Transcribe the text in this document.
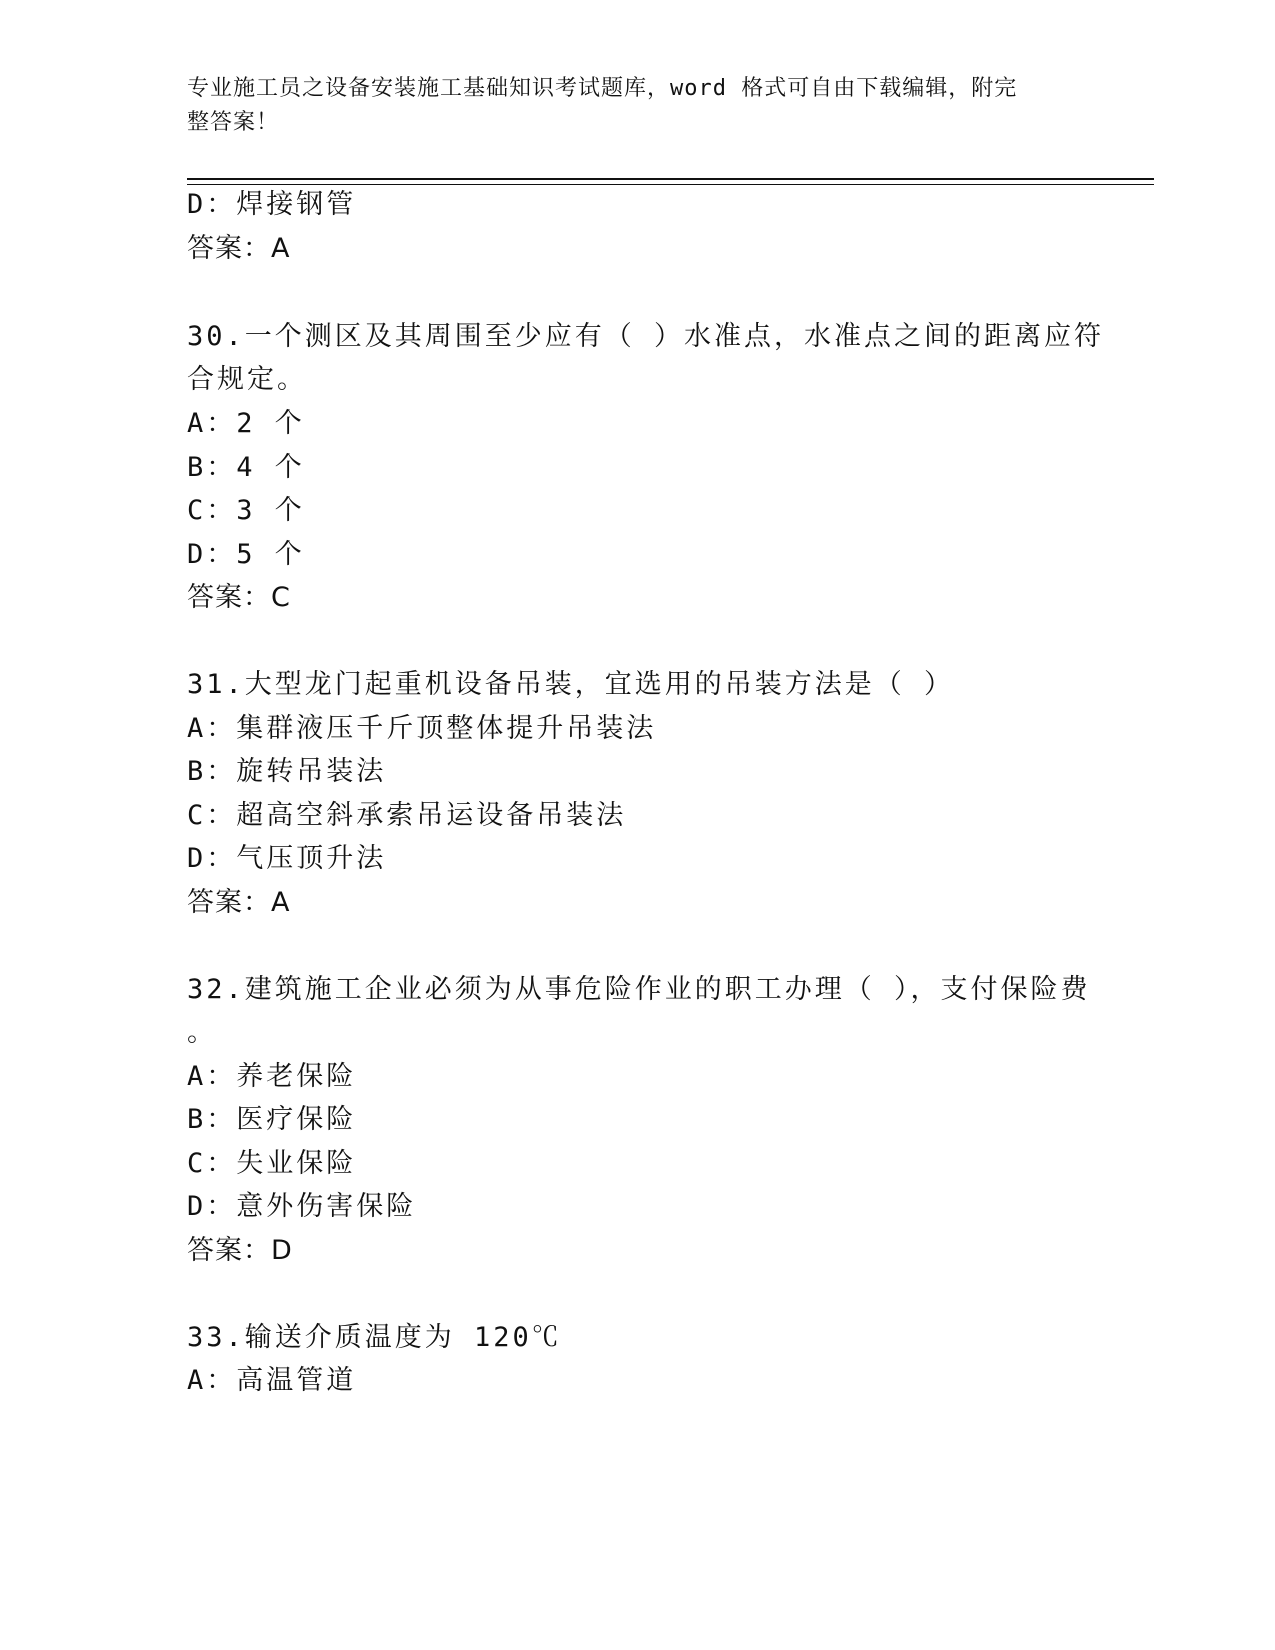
专业施工员之设备安装施工基础知识考试题库，word 格式可自由下载编辑，附完
整答案！
D：焊接钢管
答案：A
30.一个测区及其周围至少应有（ ）水准点，水准点之间的距离应符
合规定。
A：2 个
B：4 个
C：3 个
D：5 个
答案：C
31.大型龙门起重机设备吊装，宜选用的吊装方法是（ ）
A：集群液压千斤顶整体提升吊装法
B：旋转吊装法
C：超高空斜承索吊运设备吊装法
D：气压顶升法
答案：A
32.建筑施工企业必须为从事危险作业的职工办理（ ），支付保险费
。
A：养老保险
B：医疗保险
C：失业保险
D：意外伤害保险
答案：D
33.输送介质温度为 120℃
A：高温管道
